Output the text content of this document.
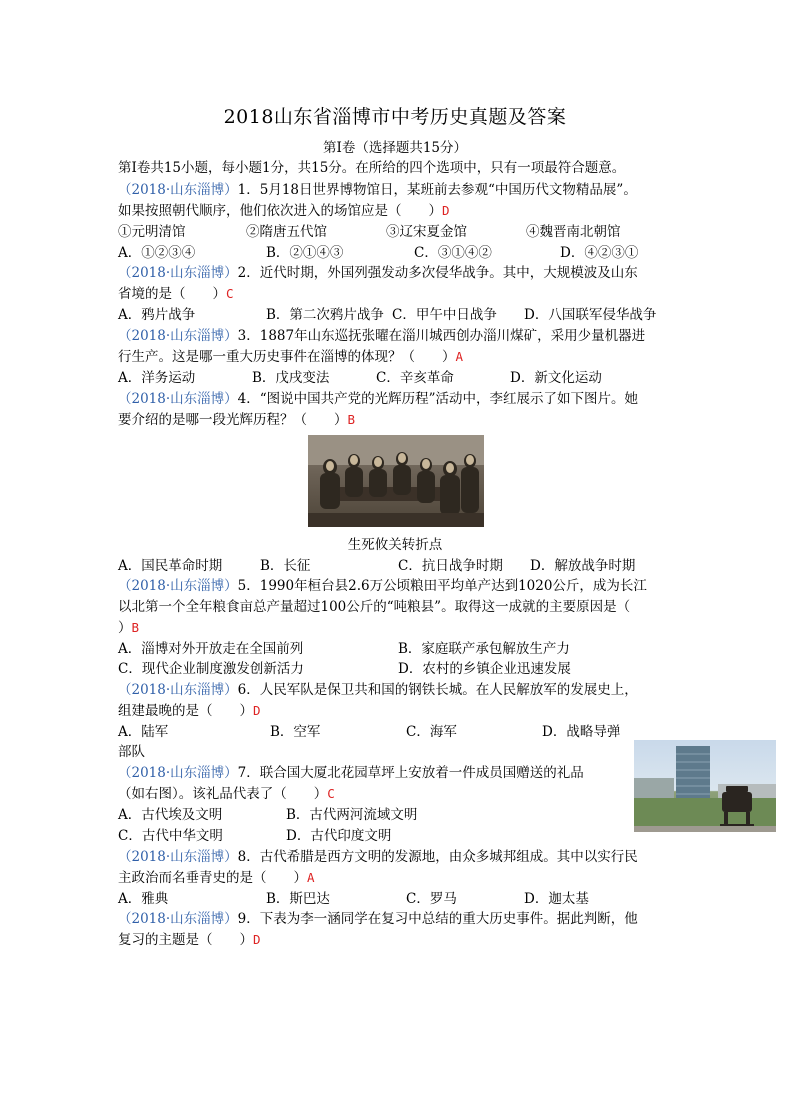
2018山东省淄博市中考历史真题及答案
第Ⅰ卷（选择题共15分）
第Ⅰ卷共15小题，每小题1分，共15分。在所给的四个选项中，只有一项最符合题意。
（2018·山东淄博）1．5月18日世界博物馆日，某班前去参观“中国历代文物精品展”。
如果按照朝代顺序，他们依次进入的场馆应是（　　）D
①元明清馆	②隋唐五代馆	③辽宋夏金馆	④魏晋南北朝馆
A．①②③④	B．②①④③	C．③①④②	D．④②③①
（2018·山东淄博）2．近代时期，外国列强发动多次侵华战争。其中，大规模波及山东
省境的是（　　）C
A．鸦片战争	B．第二次鸦片战争 C．甲午中日战争 D．八国联军侵华战争
（2018·山东淄博）3．1887年山东巡抚张曜在淄川城西创办淄川煤矿，采用少量机器进
行生产。这是哪一重大历史事件在淄博的体现？（　　）A
A．洋务运动	B．戊戌变法	C．辛亥革命	D．新文化运动
（2018·山东淄博）4．“图说中国共产党的光辉历程”活动中，李红展示了如下图片。她
要介绍的是哪一段光辉历程？（　　）B
生死攸关转折点
A．国民革命时期	B．长征	C．抗日战争时期 D．解放战争时期
（2018·山东淄博）5．1990年桓台县2.6万公顷粮田平均单产达到1020公斤，成为长江
以北第一个全年粮食亩总产量超过100公斤的“吨粮县”。取得这一成就的主要原因是（
）B
A．淄博对外开放走在全国前列	B．家庭联产承包解放生产力
C．现代企业制度激发创新活力	D．农村的乡镇企业迅速发展
（2018·山东淄博）6．人民军队是保卫共和国的钢铁长城。在人民解放军的发展史上，
组建最晚的是（　　）D
A．陆军	B．空军	C．海军	D．战略导弹
部队
（2018·山东淄博）7．联合国大厦北花园草坪上安放着一件成员国赠送的礼品
（如右图）。该礼品代表了（　　）C
A．古代埃及文明	B．古代两河流域文明
C．古代中华文明	D．古代印度文明
（2018·山东淄博）8．古代希腊是西方文明的发源地，由众多城邦组成。其中以实行民
主政治而名垂青史的是（　　）A
A．雅典	B．斯巴达	C．罗马	D．迦太基
（2018·山东淄博）9．下表为李一涵同学在复习中总结的重大历史事件。据此判断，他
复习的主题是（　　）D
